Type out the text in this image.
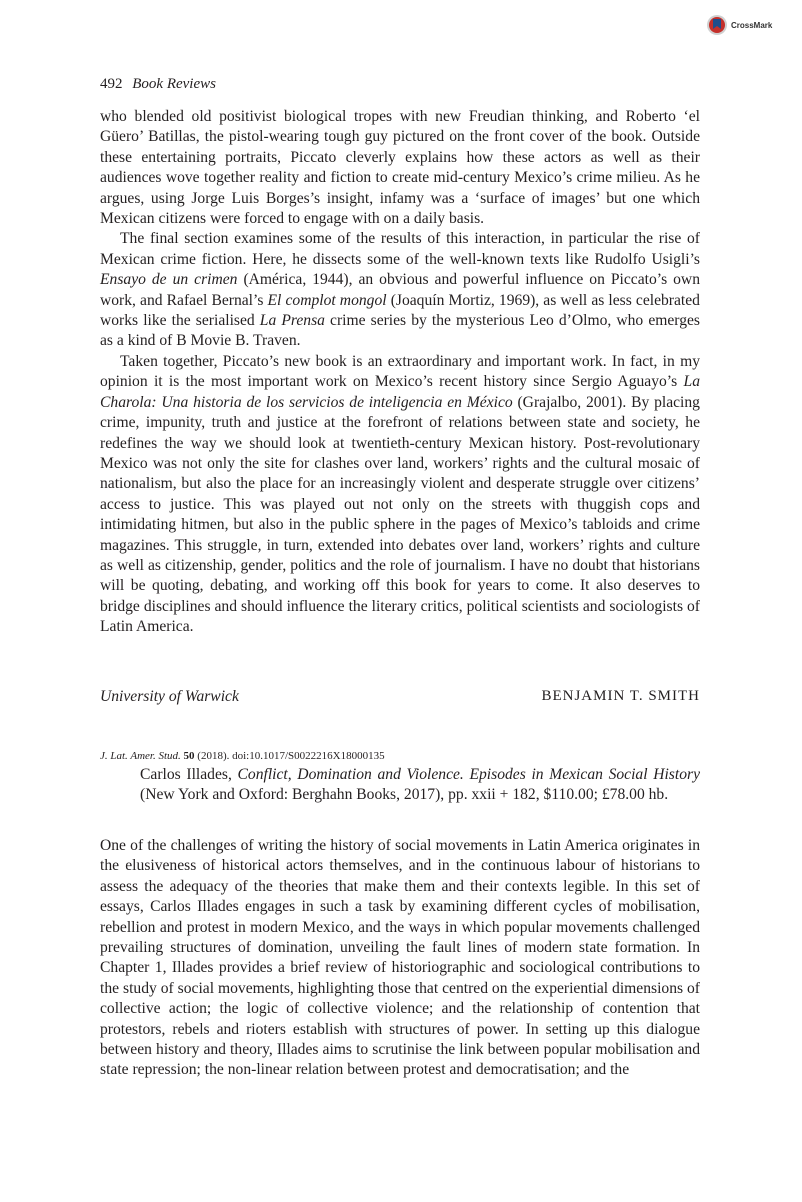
CrossMark
492 Book Reviews

who blended old positivist biological tropes with new Freudian thinking, and Roberto ‘el Güero’ Batillas, the pistol-wearing tough guy pictured on the front cover of the book. Outside these entertaining portraits, Piccato cleverly explains how these actors as well as their audiences wove together reality and fiction to create mid-century Mexico’s crime milieu. As he argues, using Jorge Luis Borges’s insight, infamy was a ‘surface of images’ but one which Mexican citizens were forced to engage with on a daily basis.

The final section examines some of the results of this interaction, in particular the rise of Mexican crime fiction. Here, he dissects some of the well-known texts like Rudolfo Usigli’s Ensayo de un crimen (América, 1944), an obvious and powerful influence on Piccato’s own work, and Rafael Bernal’s El complot mongol (Joaquín Mortiz, 1969), as well as less celebrated works like the serialised La Prensa crime series by the mysterious Leo d’Olmo, who emerges as a kind of B Movie B. Traven.

Taken together, Piccato’s new book is an extraordinary and important work. In fact, in my opinion it is the most important work on Mexico’s recent history since Sergio Aguayo’s La Charola: Una historia de los servicios de inteligencia en México (Grajalbo, 2001). By placing crime, impunity, truth and justice at the forefront of relations between state and society, he redefines the way we should look at twentieth-century Mexican history. Post-revolutionary Mexico was not only the site for clashes over land, workers’ rights and the cultural mosaic of nationalism, but also the place for an increasingly violent and desperate struggle over citizens’ access to justice. This was played out not only on the streets with thuggish cops and intimidating hitmen, but also in the public sphere in the pages of Mexico’s tabloids and crime magazines. This struggle, in turn, extended into debates over land, workers’ rights and culture as well as citizenship, gender, politics and the role of journalism. I have no doubt that historians will be quoting, debating, and working off this book for years to come. It also deserves to bridge disciplines and should influence the literary critics, political scientists and sociologists of Latin America.

University of Warwick	BENJAMIN T. SMITH
J. Lat. Amer. Stud. 50 (2018). doi:10.1017/S0022216X18000135
Carlos Illades, Conflict, Domination and Violence. Episodes in Mexican Social History (New York and Oxford: Berghahn Books, 2017), pp. xxii + 182, $110.00; £78.00 hb.

One of the challenges of writing the history of social movements in Latin America originates in the elusiveness of historical actors themselves, and in the continuous labour of historians to assess the adequacy of the theories that make them and their contexts legible. In this set of essays, Carlos Illades engages in such a task by examining different cycles of mobilisation, rebellion and protest in modern Mexico, and the ways in which popular movements challenged prevailing structures of domination, unveiling the fault lines of modern state formation. In Chapter 1, Illades provides a brief review of historiographic and sociological contributions to the study of social movements, highlighting those that centred on the experiential dimensions of collective action; the logic of collective violence; and the relationship of contention that protestors, rebels and rioters establish with structures of power. In setting up this dialogue between history and theory, Illades aims to scrutinise the link between popular mobilisation and state repression; the non-linear relation between protest and democratisation; and the
